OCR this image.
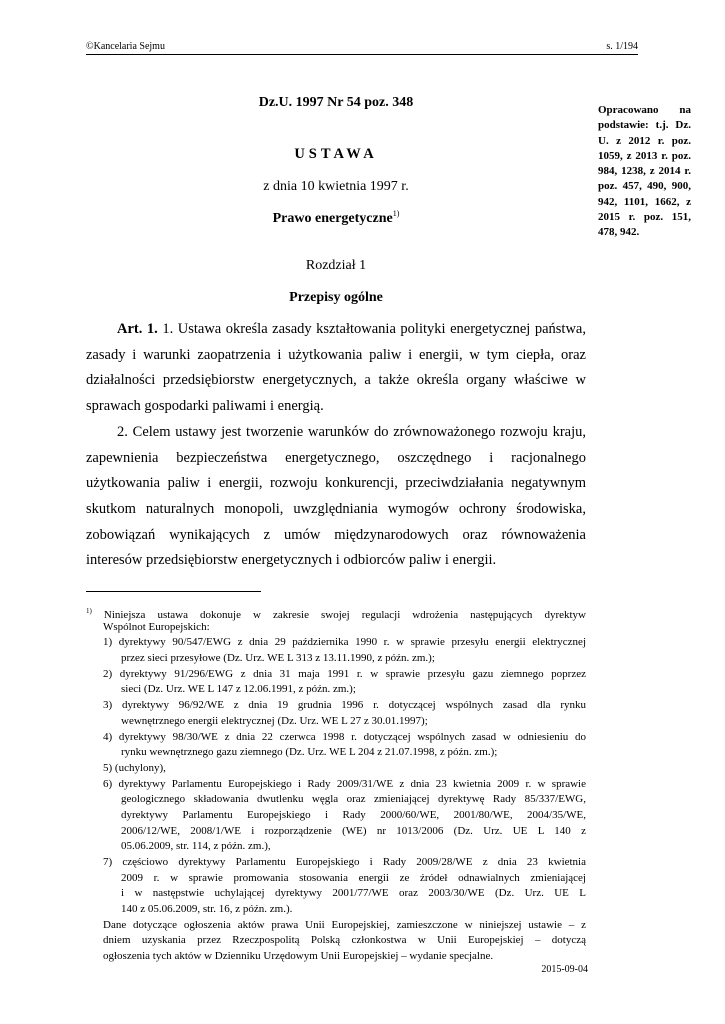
©Kancelaria Sejmu	s. 1/194
Opracowano na podstawie: t.j. Dz. U. z 2012 r. poz. 1059, z 2013 r. poz. 984, 1238, z 2014 r. poz. 457, 490, 900, 942, 1101, 1662, z 2015 r. poz. 151, 478, 942.
Dz.U. 1997 Nr 54 poz. 348
USTAWA
z dnia 10 kwietnia 1997 r.
Prawo energetyczne$^{1)}$
Rozdział 1
Przepisy ogólne
Art. 1. 1. Ustawa określa zasady kształtowania polityki energetycznej państwa,
zasady i warunki zaopatrzenia i użytkowania paliw i energii, w tym ciepła, oraz
działalności przedsiębiorstw energetycznych, a także określa organy właściwe w
sprawach gospodarki paliwami i energią.
2. Celem ustawy jest tworzenie warunków do zrównoważonego rozwoju kraju,
zapewnienia bezpieczeństwa energetycznego, oszczędnego i racjonalnego
użytkowania paliw i energii, rozwoju konkurencji, przeciwdziałania negatywnym
skutkom naturalnych monopoli, uwzględniania wymogów ochrony środowiska,
zobowiązań wynikających z umów międzynarodowych oraz równoważenia
interesów przedsiębiorstw energetycznych i odbiorców paliw i energii.
$^{1)}$ Niniejsza ustawa dokonuje w zakresie swojej regulacji wdrożenia następujących dyrektyw
Wspólnot Europejskich:
1) dyrektywy 90/547/EWG z dnia 29 października 1990 r. w sprawie przesyłu energii elektrycznej
przez sieci przesyłowe (Dz. Urz. WE L 313 z 13.11.1990, z późn. zm.);
2) dyrektywy 91/296/EWG z dnia 31 maja 1991 r. w sprawie przesyłu gazu ziemnego poprzez
sieci (Dz. Urz. WE L 147 z 12.06.1991, z późn. zm.);
3) dyrektywy 96/92/WE z dnia 19 grudnia 1996 r. dotyczącej wspólnych zasad dla rynku
wewnętrznego energii elektrycznej (Dz. Urz. WE L 27 z 30.01.1997);
4) dyrektywy 98/30/WE z dnia 22 czerwca 1998 r. dotyczącej wspólnych zasad w odniesieniu do
rynku wewnętrznego gazu ziemnego (Dz. Urz. WE L 204 z 21.07.1998, z późn. zm.);
5) (uchylony),
6) dyrektywy Parlamentu Europejskiego i Rady 2009/31/WE z dnia 23 kwietnia 2009 r. w sprawie
geologicznego składowania dwutlenku węgla oraz zmieniającej dyrektywę Rady 85/337/EWG,
dyrektywy Parlamentu Europejskiego i Rady 2000/60/WE, 2001/80/WE, 2004/35/WE,
2006/12/WE, 2008/1/WE i rozporządzenie (WE) nr 1013/2006 (Dz. Urz. UE L 140 z
05.06.2009, str. 114, z późn. zm.),
7) częściowo dyrektywy Parlamentu Europejskiego i Rady 2009/28/WE z dnia 23 kwietnia
2009 r. w sprawie promowania stosowania energii ze źródeł odnawialnych zmieniającej
i w następstwie uchylającej dyrektywy 2001/77/WE oraz 2003/30/WE (Dz. Urz. UE L
140 z 05.06.2009, str. 16, z późn. zm.).
Dane dotyczące ogłoszenia aktów prawa Unii Europejskiej, zamieszczone w niniejszej ustawie – z
dniem uzyskania przez Rzeczpospolitą Polską członkostwa w Unii Europejskiej – dotyczą
ogłoszenia tych aktów w Dzienniku Urzędowym Unii Europejskiej – wydanie specjalne.
2015-09-04
